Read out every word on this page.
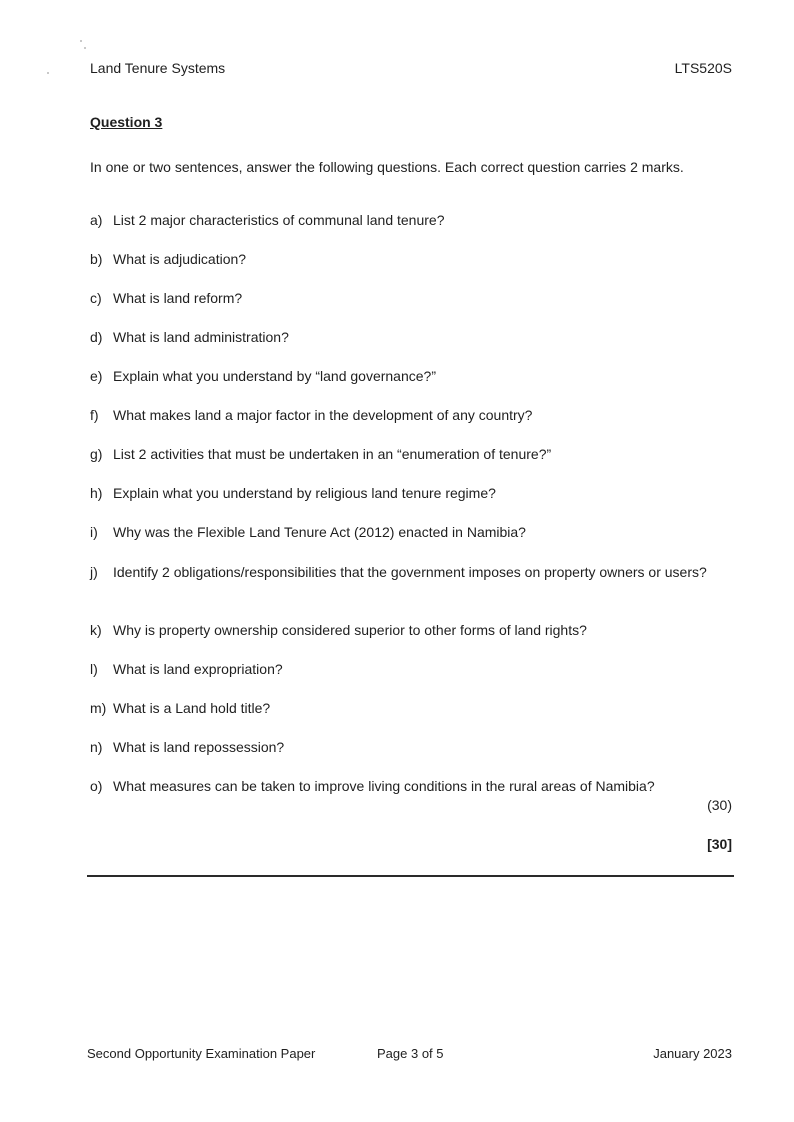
Land Tenure Systems	LTS520S
Question 3
In one or two sentences, answer the following questions. Each correct question carries 2 marks.
a) List 2 major characteristics of communal land tenure?
b) What is adjudication?
c) What is land reform?
d) What is land administration?
e) Explain what you understand by “land governance?”
f)	What makes land a major factor in the development of any country?
g) List 2 activities that must be undertaken in an “enumeration of tenure?”
h) Explain what you understand by religious land tenure regime?
i)	Why was the Flexible Land Tenure Act (2012) enacted in Namibia?
j)	Identify 2 obligations/responsibilities that the government imposes on property owners or users?
k) Why is property ownership considered superior to other forms of land rights?
l)	What is land expropriation?
m) What is a Land hold title?
n) What is land repossession?
o) What measures can be taken to improve living conditions in the rural areas of Namibia?
(30)
[30]
Second Opportunity Examination Paper	Page 3 of 5	January 2023
